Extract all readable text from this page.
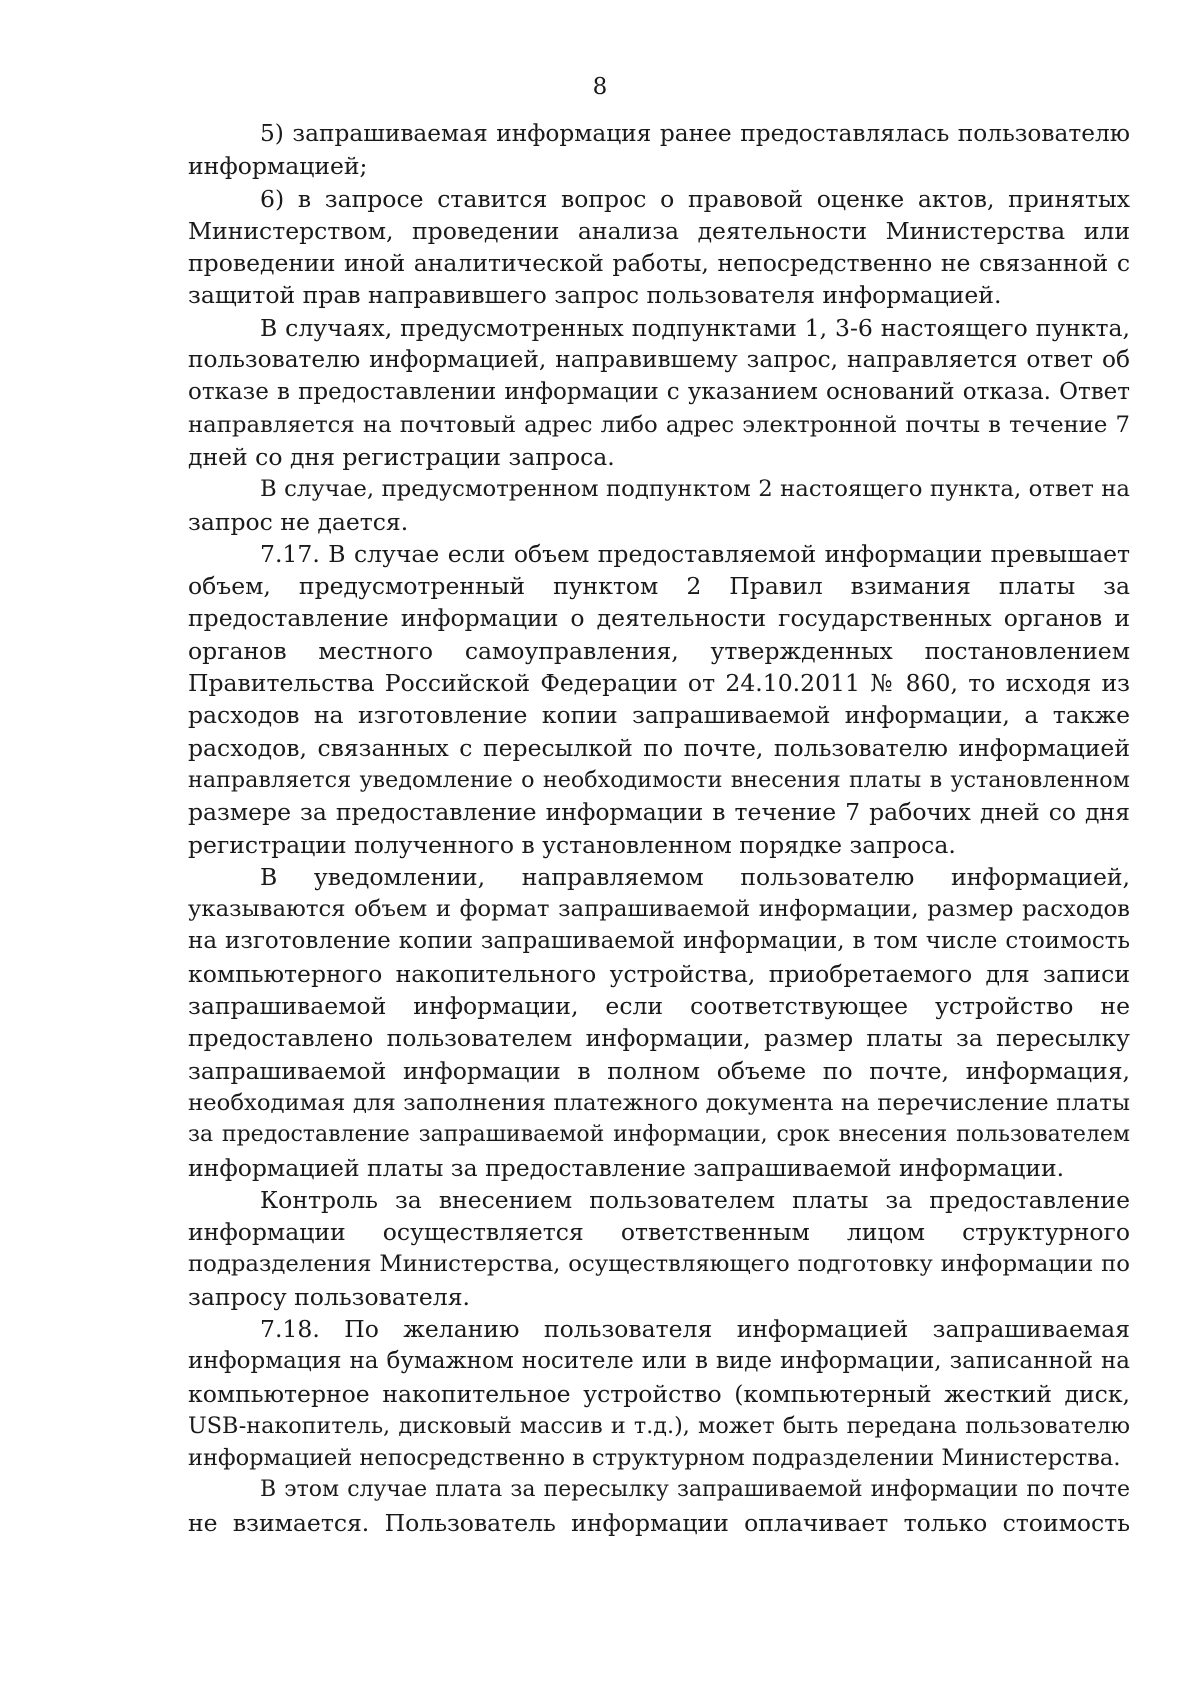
8
5) запрашиваемая информация ранее предоставлялась пользователю
информацией;
6) в запросе ставится вопрос о правовой оценке актов, принятых
Министерством, проведении анализа деятельности Министерства или
проведении иной аналитической работы, непосредственно не связанной с
защитой прав направившего запрос пользователя информацией.
В случаях, предусмотренных подпунктами 1, 3-6 настоящего пункта,
пользователю информацией, направившему запрос, направляется ответ об
отказе в предоставлении информации с указанием оснований отказа. Ответ
направляется на почтовый адрес либо адрес электронной почты в течение 7
дней со дня регистрации запроса.
В случае, предусмотренном подпунктом 2 настоящего пункта, ответ на
запрос не дается.
7.17. В случае если объем предоставляемой информации превышает
объем, предусмотренный пунктом 2 Правил взимания платы за
предоставление информации о деятельности государственных органов и
органов местного самоуправления, утвержденных постановлением
Правительства Российской Федерации от 24.10.2011 № 860, то исходя из
расходов на изготовление копии запрашиваемой информации, а также
расходов, связанных с пересылкой по почте, пользователю информацией
направляется уведомление о необходимости внесения платы в установленном
размере за предоставление информации в течение 7 рабочих дней со дня
регистрации полученного в установленном порядке запроса.
В уведомлении, направляемом пользователю информацией,
указываются объем и формат запрашиваемой информации, размер расходов
на изготовление копии запрашиваемой информации, в том числе стоимость
компьютерного накопительного устройства, приобретаемого для записи
запрашиваемой информации, если соответствующее устройство не
предоставлено пользователем информации, размер платы за пересылку
запрашиваемой информации в полном объеме по почте, информация,
необходимая для заполнения платежного документа на перечисление платы
за предоставление запрашиваемой информации, срок внесения пользователем
информацией платы за предоставление запрашиваемой информации.
Контроль за внесением пользователем платы за предоставление
информации осуществляется ответственным лицом структурного
подразделения Министерства, осуществляющего подготовку информации по
запросу пользователя.
7.18. По желанию пользователя информацией запрашиваемая
информация на бумажном носителе или в виде информации, записанной на
компьютерное накопительное устройство (компьютерный жесткий диск,
USB-накопитель, дисковый массив и т.д.), может быть передана пользователю
информацией непосредственно в структурном подразделении Министерства.
В этом случае плата за пересылку запрашиваемой информации по почте
не взимается. Пользователь информации оплачивает только стоимость
